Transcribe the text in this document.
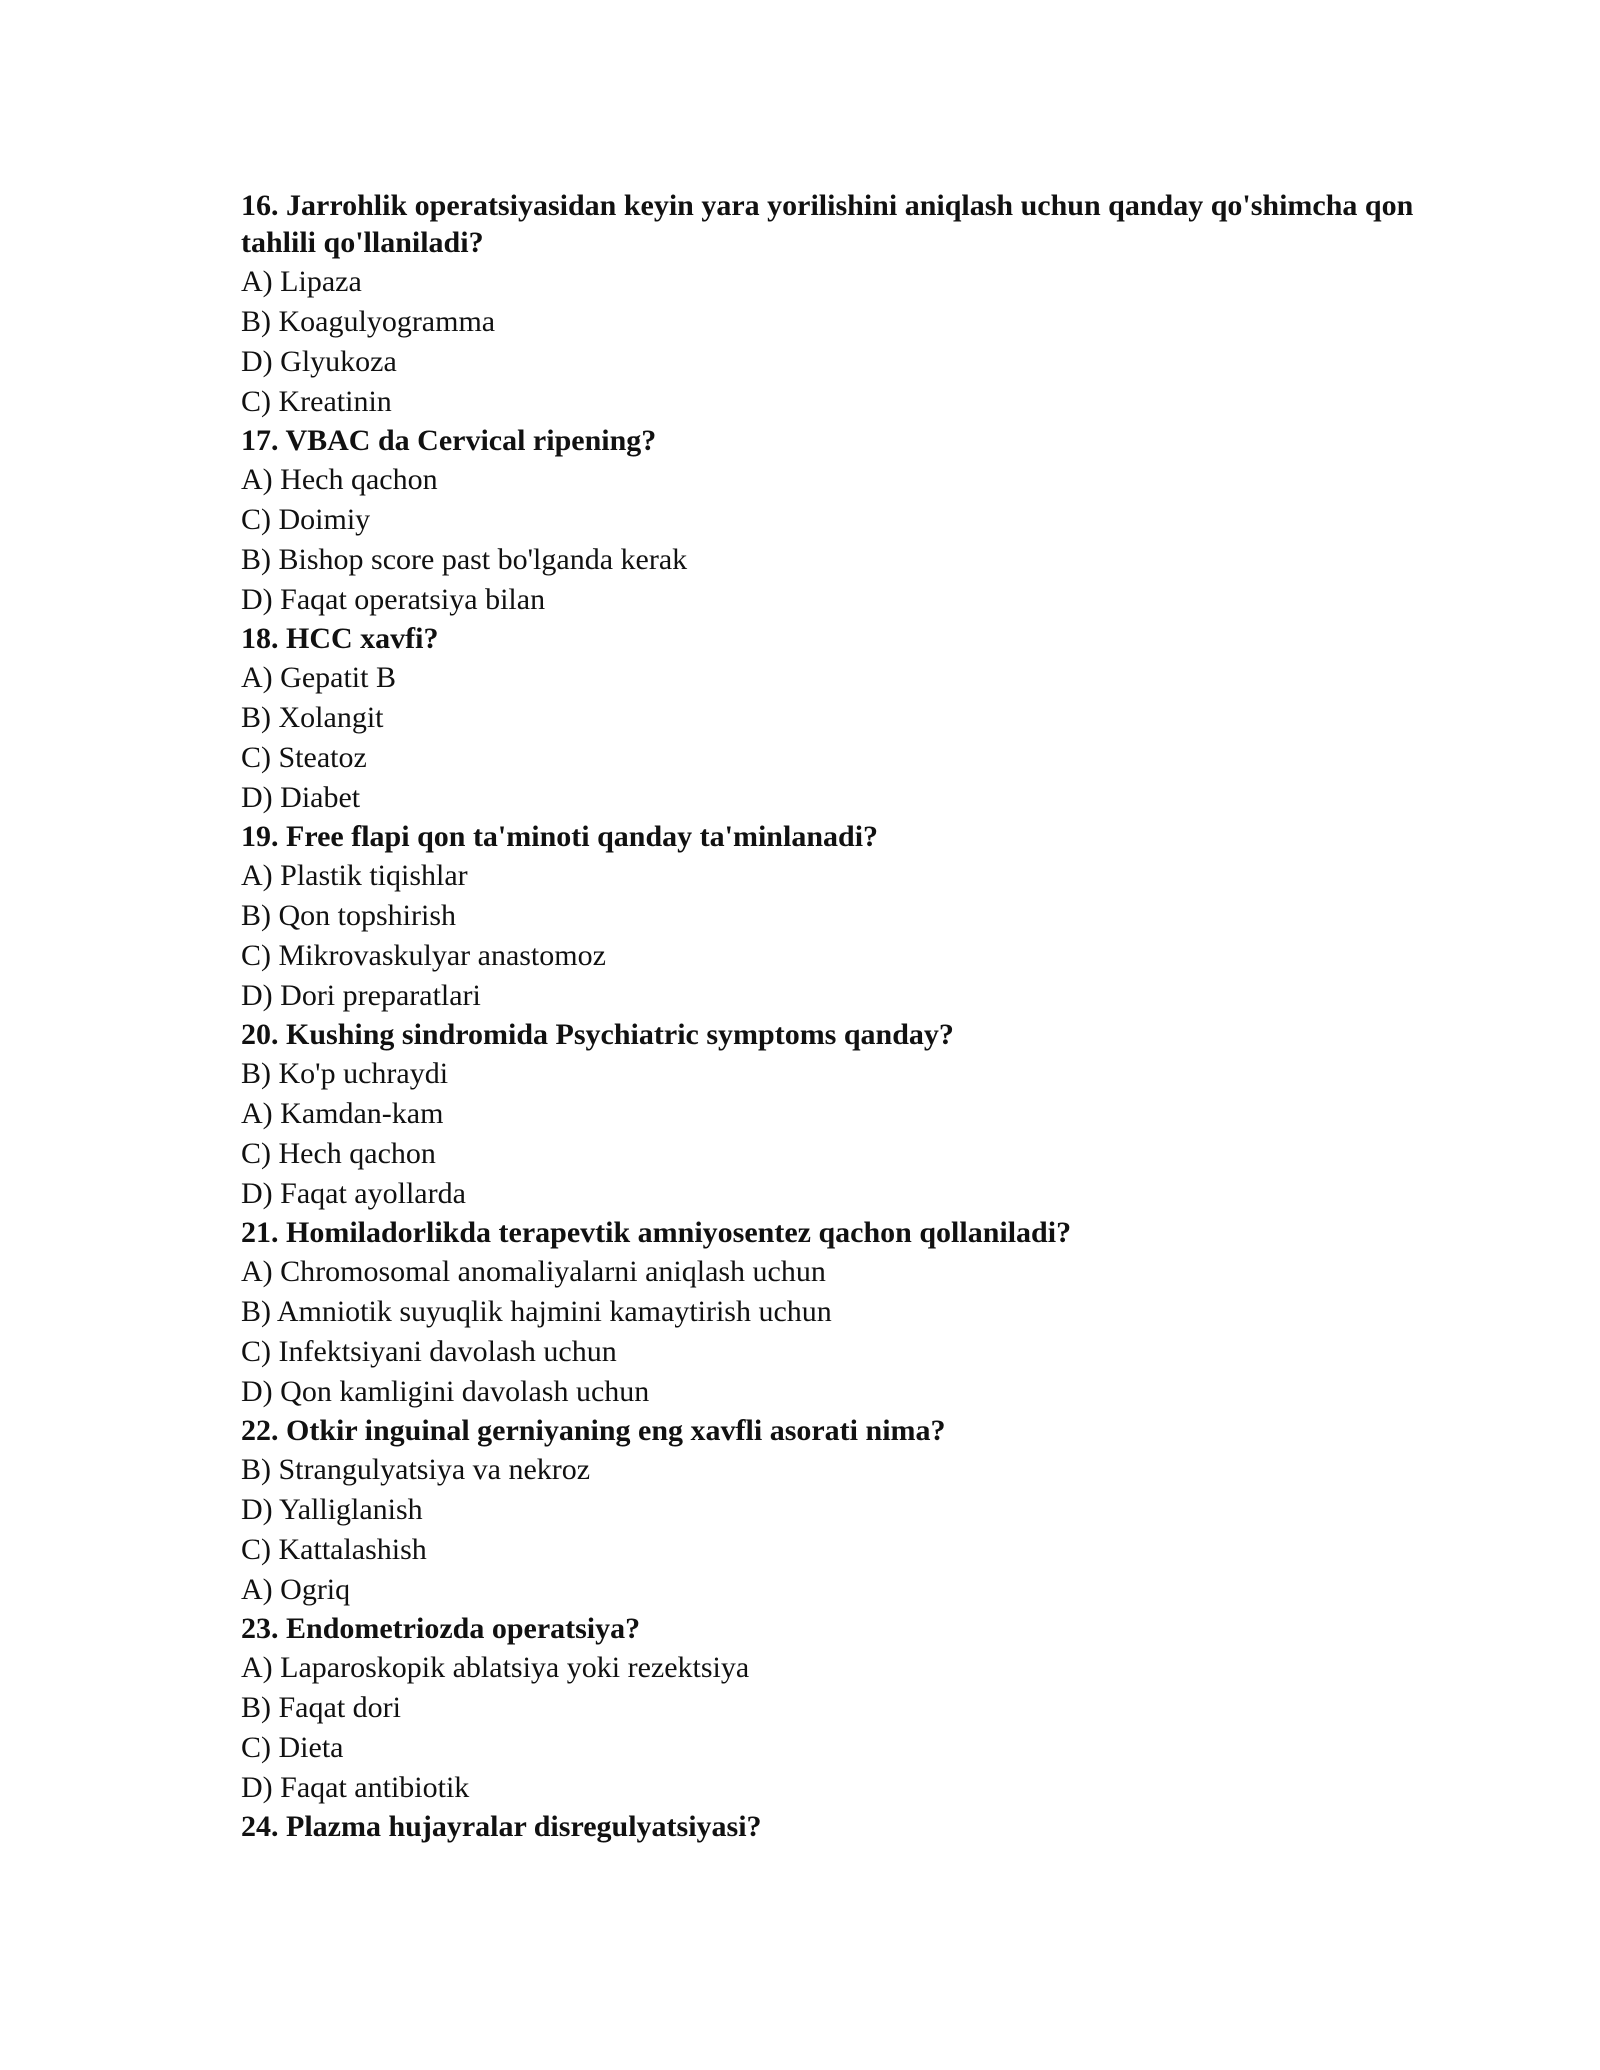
16. Jarrohlik operatsiyasidan keyin yara yorilishini aniqlash uchun qanday qo'shimcha qon tahlili qo'llaniladi?
A) Lipaza
B) Koagulyogramma
D) Glyukoza
C) Kreatinin
17. VBAC da Cervical ripening?
A) Hech qachon
C) Doimiy
B) Bishop score past bo'lganda kerak
D) Faqat operatsiya bilan
18. HCC xavfi?
A) Gepatit B
B) Xolangit
C) Steatoz
D) Diabet
19. Free flapi qon ta'minoti qanday ta'minlanadi?
A) Plastik tiqishlar
B) Qon topshirish
C) Mikrovaskulyar anastomoz
D) Dori preparatlari
20. Kushing sindromida Psychiatric symptoms qanday?
B) Ko'p uchraydi
A) Kamdan-kam
C) Hech qachon
D) Faqat ayollarda
21. Homiladorlikda terapevtik amniyosentez qachon qollaniladi?
A) Chromosomal anomaliyalarni aniqlash uchun
B) Amniotik suyuqlik hajmini kamaytirish uchun
C) Infektsiyani davolash uchun
D) Qon kamligini davolash uchun
22. Otkir inguinal gerniyaning eng xavfli asorati nima?
B) Strangulyatsiya va nekroz
D) Yalliglanish
C) Kattalashish
A) Ogriq
23. Endometriozda operatsiya?
A) Laparoskopik ablatsiya yoki rezektsiya
B) Faqat dori
C) Dieta
D) Faqat antibiotik
24. Plazma hujayralar disregulyatsiyasi?
